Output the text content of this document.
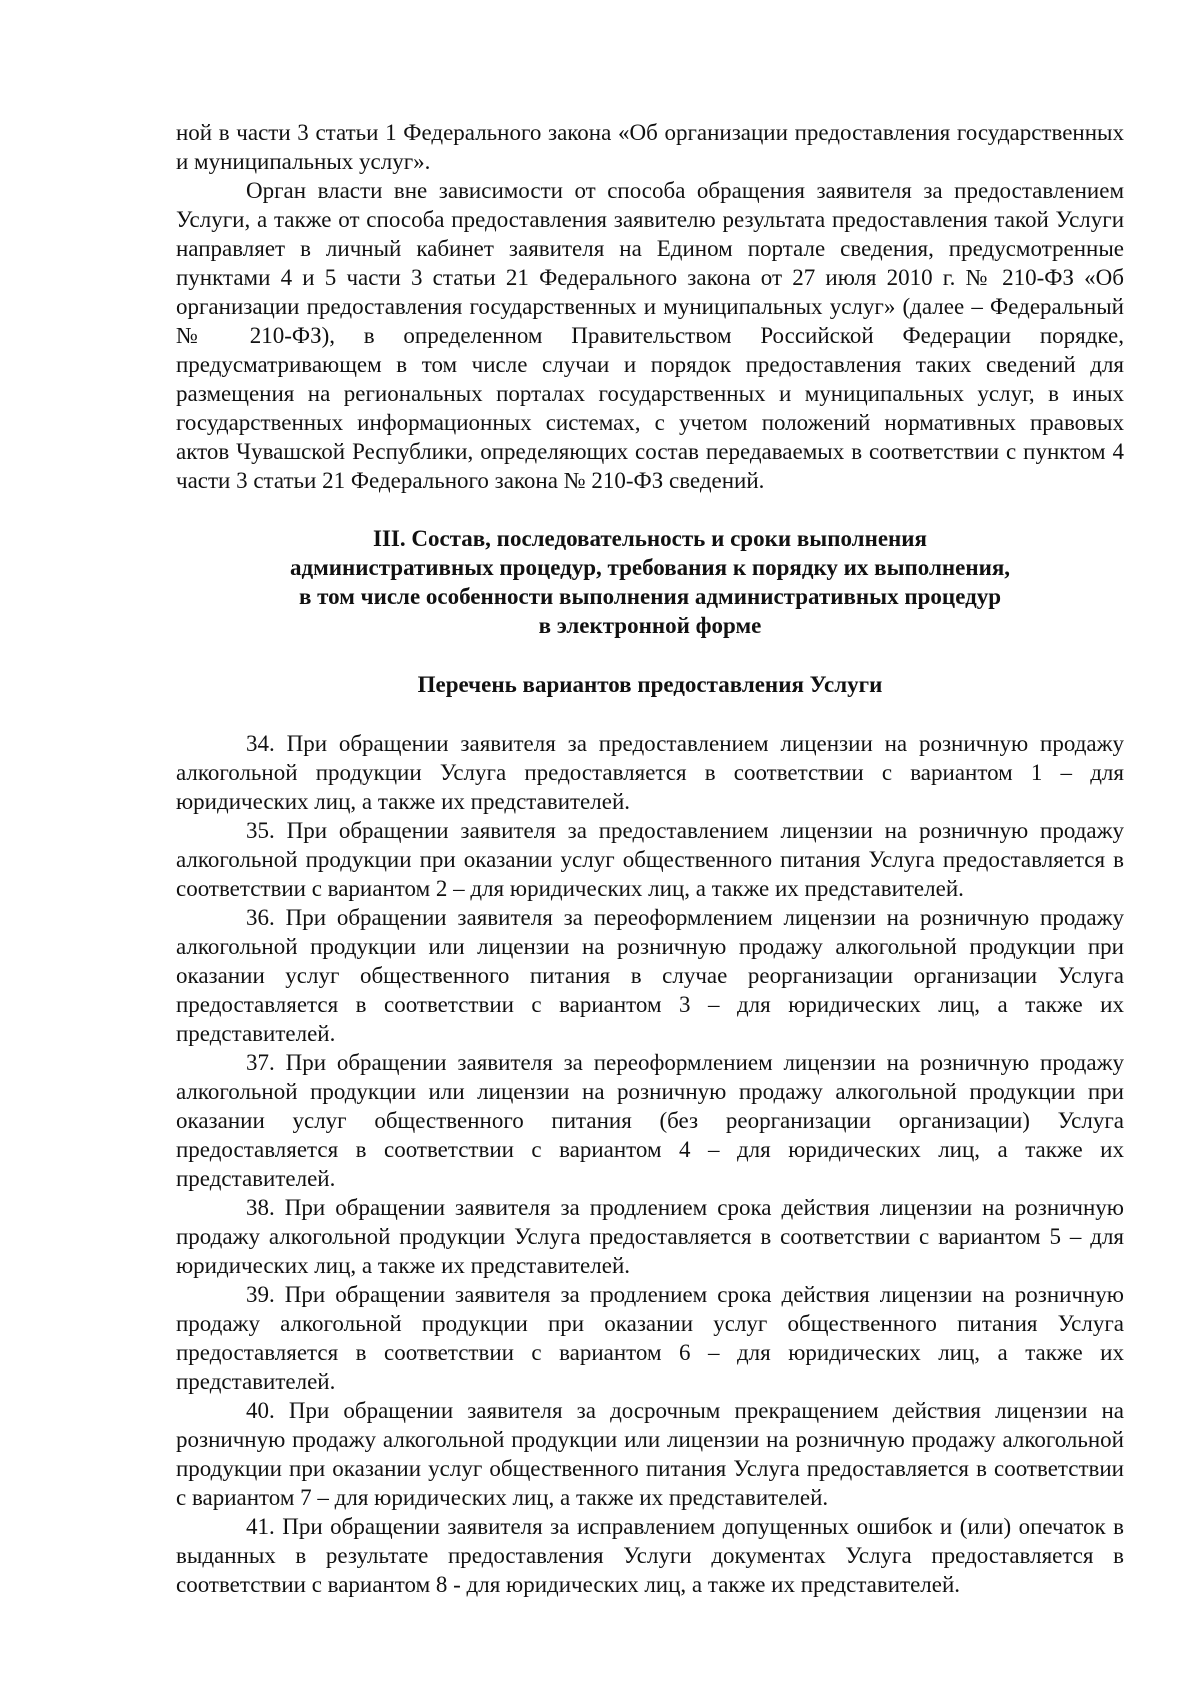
ной в части 3 статьи 1 Федерального закона «Об организации предоставления государственных и муниципальных услуг».

Орган власти вне зависимости от способа обращения заявителя за предоставлением Услуги, а также от способа предоставления заявителю результата предоставления такой Услуги направляет в личный кабинет заявителя на Едином портале сведения, предусмотренные пунктами 4 и 5 части 3 статьи 21 Федерального закона от 27 июля 2010 г. № 210-ФЗ «Об организации предоставления государственных и муниципальных услуг» (далее – Федеральный № 210-ФЗ), в определенном Правительством Российской Федерации порядке, предусматривающем в том числе случаи и порядок предоставления таких сведений для размещения на региональных порталах государственных и муниципальных услуг, в иных государственных информационных системах, с учетом положений нормативных правовых актов Чувашской Республики, определяющих состав передаваемых в соответствии с пунктом 4 части 3 статьи 21 Федерального закона № 210-ФЗ сведений.

III. Состав, последовательность и сроки выполнения
административных процедур, требования к порядку их выполнения,
в том числе особенности выполнения административных процедур
в электронной форме
Перечень вариантов предоставления Услуги

34. При обращении заявителя за предоставлением лицензии на розничную продажу алкогольной продукции Услуга предоставляется в соответствии с вариантом 1 – для юридических лиц, а также их представителей.

35. При обращении заявителя за предоставлением лицензии на розничную продажу алкогольной продукции при оказании услуг общественного питания Услуга предоставляется в соответствии с вариантом 2 – для юридических лиц, а также их представителей.

36. При обращении заявителя за переоформлением лицензии на розничную продажу алкогольной продукции или лицензии на розничную продажу алкогольной продукции при оказании услуг общественного питания в случае реорганизации организации Услуга предоставляется в соответствии с вариантом 3 – для юридических лиц, а также их представителей.

37. При обращении заявителя за переоформлением лицензии на розничную продажу алкогольной продукции или лицензии на розничную продажу алкогольной продукции при оказании услуг общественного питания (без реорганизации организации) Услуга предоставляется в соответствии с вариантом 4 – для юридических лиц, а также их представителей.

38. При обращении заявителя за продлением срока действия лицензии на розничную продажу алкогольной продукции Услуга предоставляется в соответствии с вариантом 5 – для юридических лиц, а также их представителей.

39. При обращении заявителя за продлением срока действия лицензии на розничную продажу алкогольной продукции при оказании услуг общественного питания Услуга предоставляется в соответствии с вариантом 6 – для юридических лиц, а также их представителей.

40. При обращении заявителя за досрочным прекращением действия лицензии на розничную продажу алкогольной продукции или лицензии на розничную продажу алкогольной продукции при оказании услуг общественного питания Услуга предоставляется в соответствии с вариантом 7 – для юридических лиц, а также их представителей.

41. При обращении заявителя за исправлением допущенных ошибок и (или) опечаток в выданных в результате предоставления Услуги документах Услуга предоставляется в соответствии с вариантом 8 - для юридических лиц, а также их представителей.
